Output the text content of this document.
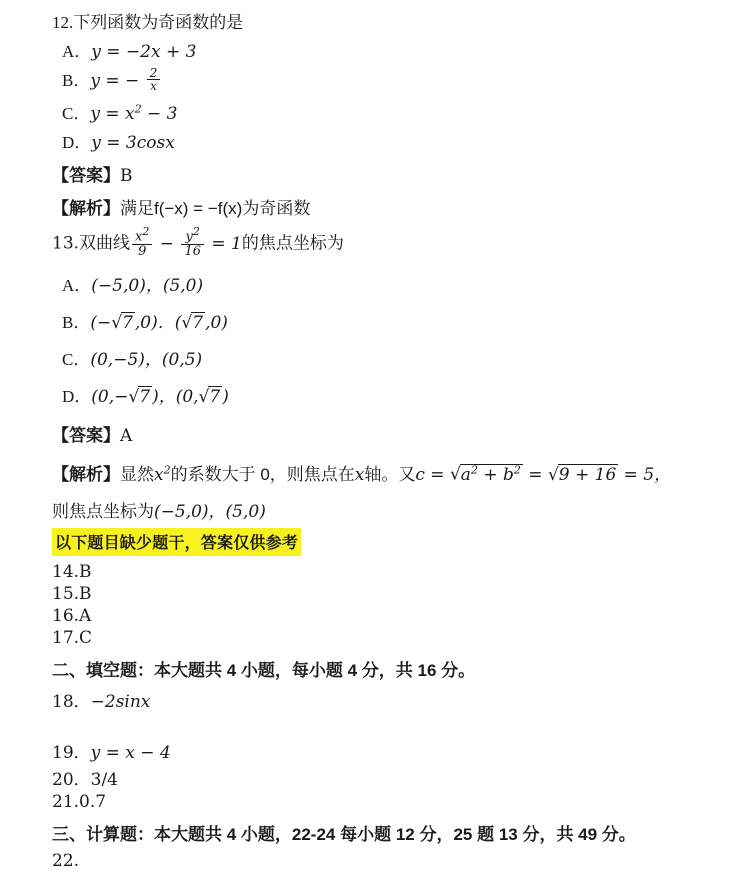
12.下列函数为奇函数的是
A．y = −2x + 3
B．y = − $\frac{2}{x}$
C．$y = x^2 - 3$
D．y = 3cosx
【答案】B
【解析】满足f(−x) = −f(x)为奇函数
13.双曲线 $\frac{x^2}{9} - \frac{y^2}{16} = 1$的焦点坐标为
A．(−5,0)，(5,0)
B．(−√7 ,0)．(√7 ,0)
C．(0,−5)，(0,5)
D．(0,−√7 )，(0,√7 )
【答案】A
【解析】显然$x^2$的系数大于 0，则焦点在x轴。又$c = √a^2 + b^2 = √9 + 16 = 5$，
则焦点坐标为(−5,0)，(5,0)
以下题目缺少题干，答案仅供参考
14.B
15.B
16.A
17.C
二、填空题：本大题共 4 小题，每小题 4 分，共 16 分。
18．−2sinx
19．y = x − 4
20．3/4
21.0.7
三、计算题：本大题共 4 小题，22-24 每小题 12 分，25 题 13 分，共 49 分。
22.
